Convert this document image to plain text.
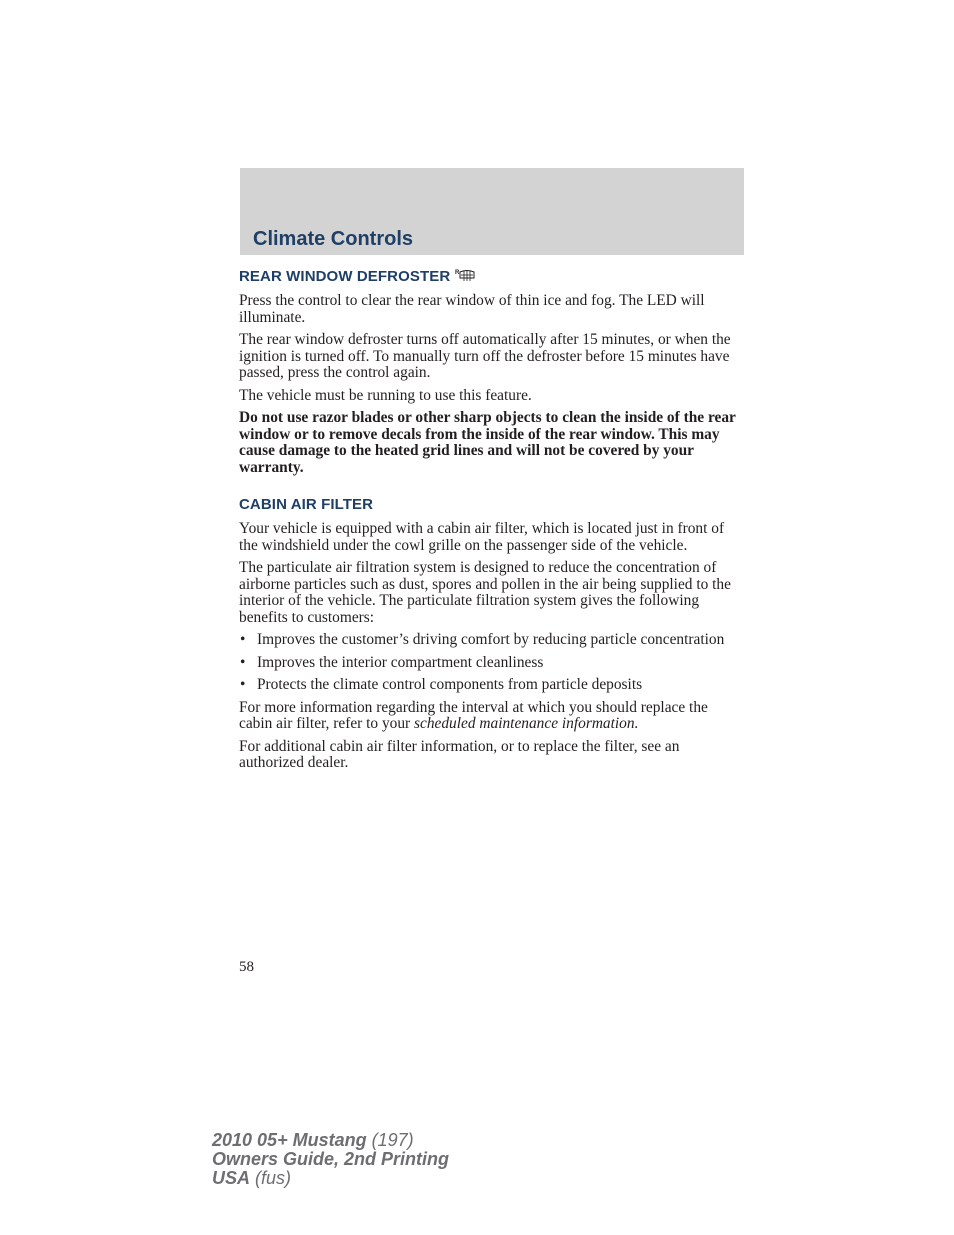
Climate Controls
REAR WINDOW DEFROSTER R

Press the control to clear the rear window of thin ice and fog. The LED will illuminate.

The rear window defroster turns off automatically after 15 minutes, or when the ignition is turned off. To manually turn off the defroster before 15 minutes have passed, press the control again.

The vehicle must be running to use this feature.

Do not use razor blades or other sharp objects to clean the inside of the rear window or to remove decals from the inside of the rear window. This may cause damage to the heated grid lines and will not be covered by your warranty.

CABIN AIR FILTER

Your vehicle is equipped with a cabin air filter, which is located just in front of the windshield under the cowl grille on the passenger side of the vehicle.

The particulate air filtration system is designed to reduce the concentration of airborne particles such as dust, spores and pollen in the air being supplied to the interior of the vehicle. The particulate filtration system gives the following benefits to customers:

• Improves the customer’s driving comfort by reducing particle concentration
• Improves the interior compartment cleanliness
• Protects the climate control components from particle deposits

For more information regarding the interval at which you should replace the cabin air filter, refer to your scheduled maintenance information.

For additional cabin air filter information, or to replace the filter, see an authorized dealer.

58
2010 05+ Mustang (197)
Owners Guide, 2nd Printing
USA (fus)
